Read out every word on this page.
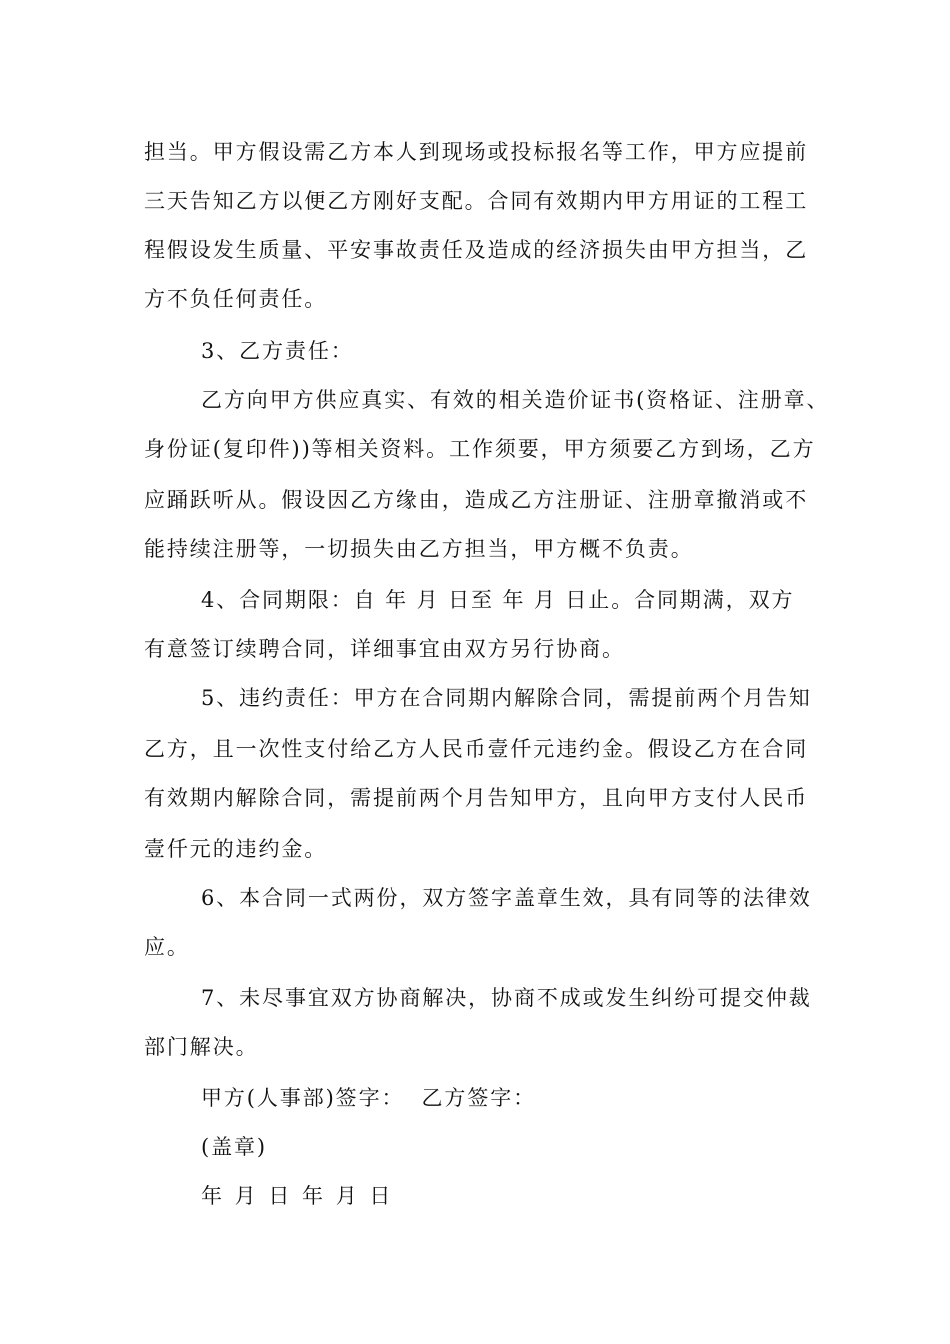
担当。甲方假设需乙方本人到现场或投标报名等工作，甲方应提前
三天告知乙方以便乙方刚好支配。合同有效期内甲方用证的工程工
程假设发生质量、平安事故责任及造成的经济损失由甲方担当，乙
方不负任何责任。
3、乙方责任：
乙方向甲方供应真实、有效的相关造价证书(资格证、注册章、
身份证(复印件))等相关资料。工作须要，甲方须要乙方到场，乙方
应踊跃听从。假设因乙方缘由，造成乙方注册证、注册章撤消或不
能持续注册等，一切损失由乙方担当，甲方概不负责。
4、合同期限：自 年 月 日至 年 月 日止。合同期满，双方
有意签订续聘合同，详细事宜由双方另行协商。
5、违约责任：甲方在合同期内解除合同，需提前两个月告知
乙方，且一次性支付给乙方人民币壹仟元违约金。假设乙方在合同
有效期内解除合同，需提前两个月告知甲方，且向甲方支付人民币
壹仟元的违约金。
6、本合同一式两份，双方签字盖章生效，具有同等的法律效
应。
7、未尽事宜双方协商解决，协商不成或发生纠纷可提交仲裁
部门解决。
甲方(人事部)签字：  乙方签字：
(盖章)
年 月 日 年 月 日
